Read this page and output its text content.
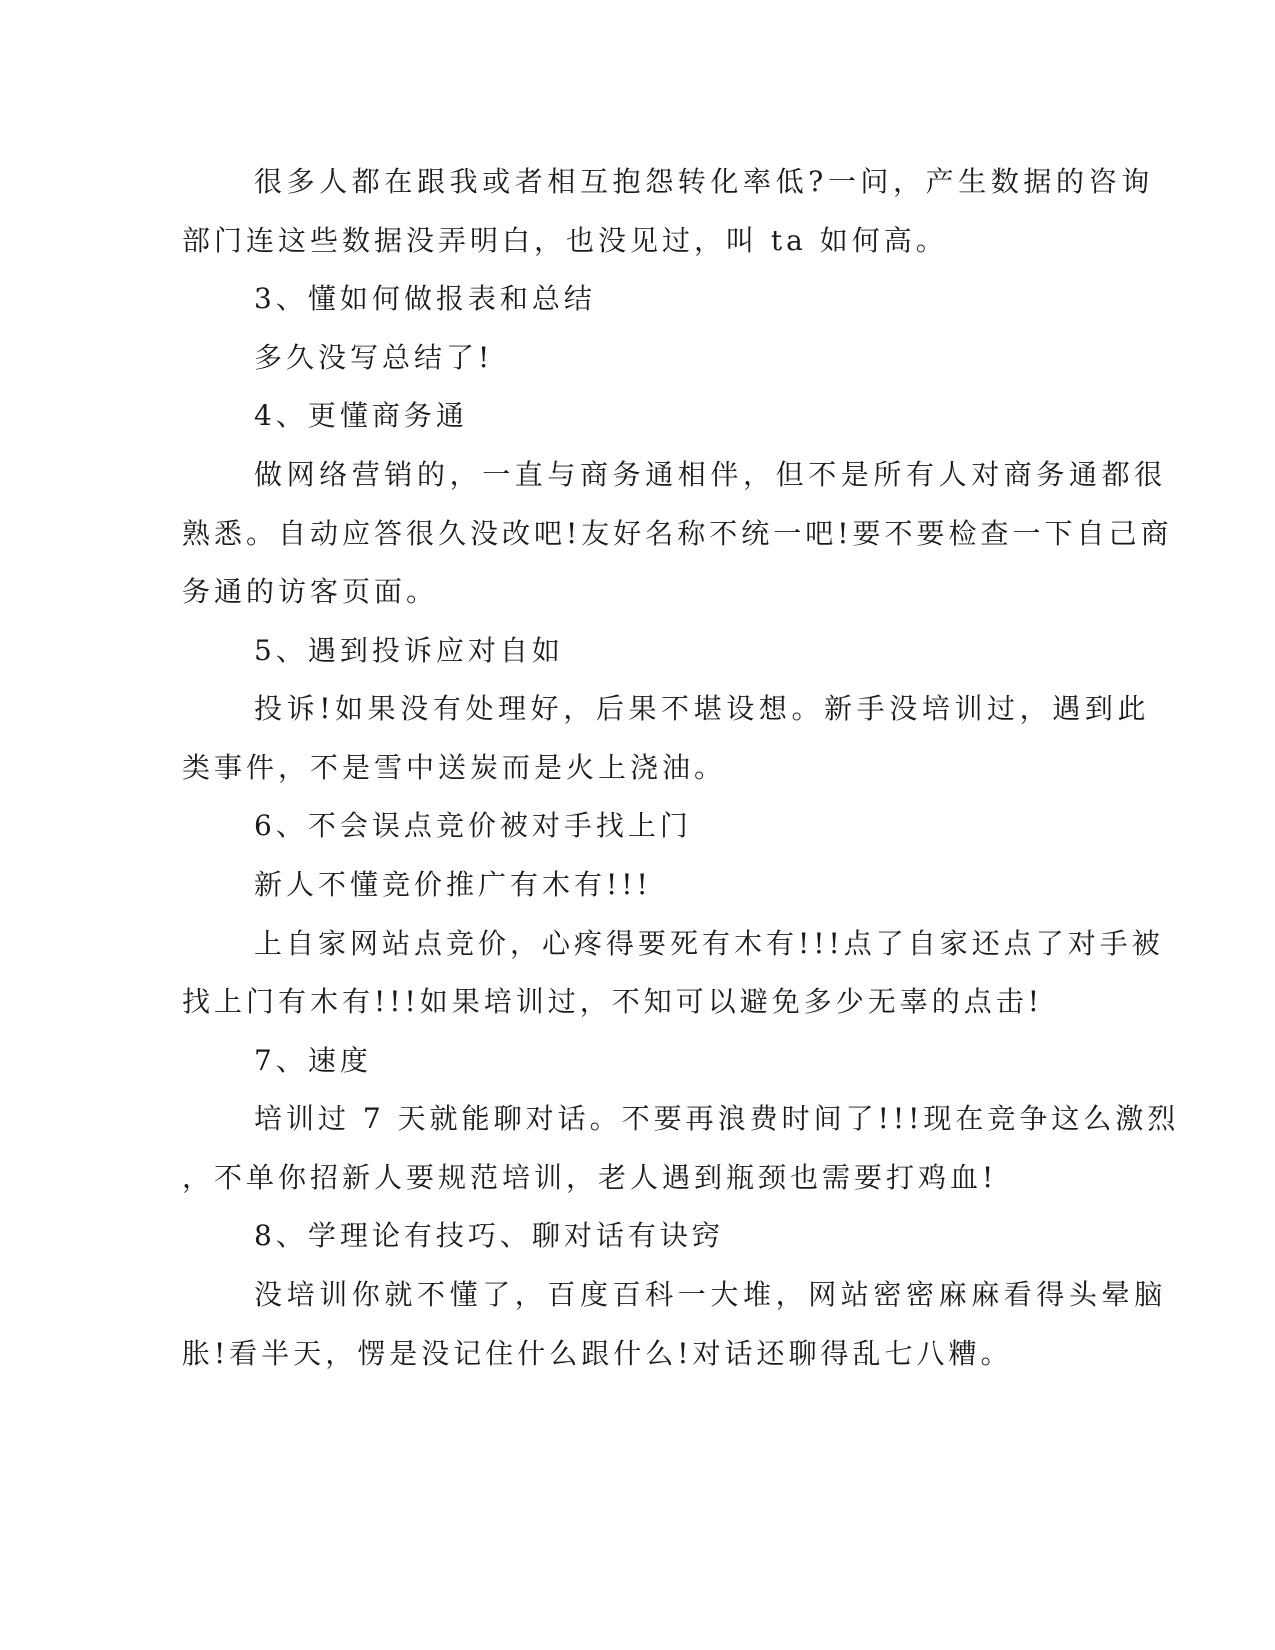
很多人都在跟我或者相互抱怨转化率低?一问，产生数据的咨询

部门连这些数据没弄明白，也没见过，叫 ta 如何高。

3、懂如何做报表和总结

多久没写总结了!

4、更懂商务通

做网络营销的，一直与商务通相伴，但不是所有人对商务通都很

熟悉。自动应答很久没改吧!友好名称不统一吧!要不要检查一下自己商

务通的访客页面。

5、遇到投诉应对自如

投诉!如果没有处理好，后果不堪设想。新手没培训过，遇到此

类事件，不是雪中送炭而是火上浇油。

6、不会误点竞价被对手找上门

新人不懂竞价推广有木有!!!

上自家网站点竞价，心疼得要死有木有!!!点了自家还点了对手被

找上门有木有!!!如果培训过，不知可以避免多少无辜的点击!

7、速度

培训过 7 天就能聊对话。不要再浪费时间了!!!现在竞争这么激烈

，不单你招新人要规范培训，老人遇到瓶颈也需要打鸡血!

8、学理论有技巧、聊对话有诀窍

没培训你就不懂了，百度百科一大堆，网站密密麻麻看得头晕脑

胀!看半天，愣是没记住什么跟什么!对话还聊得乱七八糟。
